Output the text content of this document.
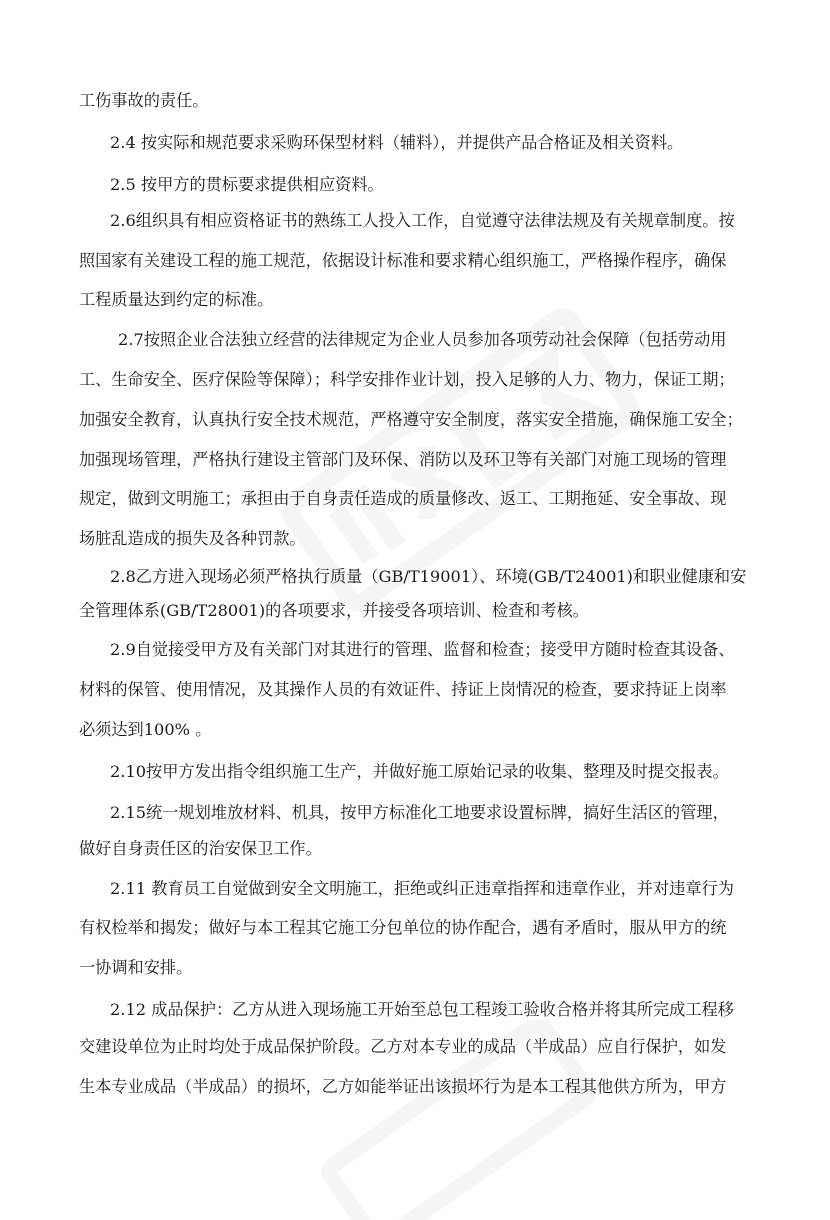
工伤事故的责任。
2.4 按实际和规范要求采购环保型材料（辅料），并提供产品合格证及相关资料。
2.5 按甲方的贯标要求提供相应资料。
2.6组织具有相应资格证书的熟练工人投入工作，自觉遵守法律法规及有关规章制度。按
照国家有关建设工程的施工规范，依据设计标准和要求精心组织施工，严格操作程序，确保
工程质量达到约定的标准。
2.7按照企业合法独立经营的法律规定为企业人员参加各项劳动社会保障（包括劳动用
工、生命安全、医疗保险等保障）；科学安排作业计划，投入足够的人力、物力，保证工期；
加强安全教育，认真执行安全技术规范，严格遵守安全制度，落实安全措施，确保施工安全；
加强现场管理，严格执行建设主管部门及环保、消防以及环卫等有关部门对施工现场的管理
规定，做到文明施工；承担由于自身责任造成的质量修改、返工、工期拖延、安全事故、现
场脏乱造成的损失及各种罚款。
2.8乙方进入现场必须严格执行质量（GB/T19001）、环境(GB/T24001)和职业健康和安
全管理体系(GB/T28001)的各项要求，并接受各项培训、检查和考核。
2.9自觉接受甲方及有关部门对其进行的管理、监督和检查；接受甲方随时检查其设备、
材料的保管、使用情况，及其操作人员的有效证件、持证上岗情况的检查，要求持证上岗率
必须达到100% 。
2.10按甲方发出指令组织施工生产，并做好施工原始记录的收集、整理及时提交报表。
2.15统一规划堆放材料、机具，按甲方标准化工地要求设置标牌，搞好生活区的管理，
做好自身责任区的治安保卫工作。
2.11 教育员工自觉做到安全文明施工，拒绝或纠正违章指挥和违章作业，并对违章行为
有权检举和揭发；做好与本工程其它施工分包单位的协作配合，遇有矛盾时，服从甲方的统
一协调和安排。
2.12 成品保护：乙方从进入现场施工开始至总包工程竣工验收合格并将其所完成工程移
交建设单位为止时均处于成品保护阶段。乙方对本专业的成品（半成品）应自行保护，如发
生本专业成品（半成品）的损坏，乙方如能举证出该损坏行为是本工程其他供方所为，甲方
